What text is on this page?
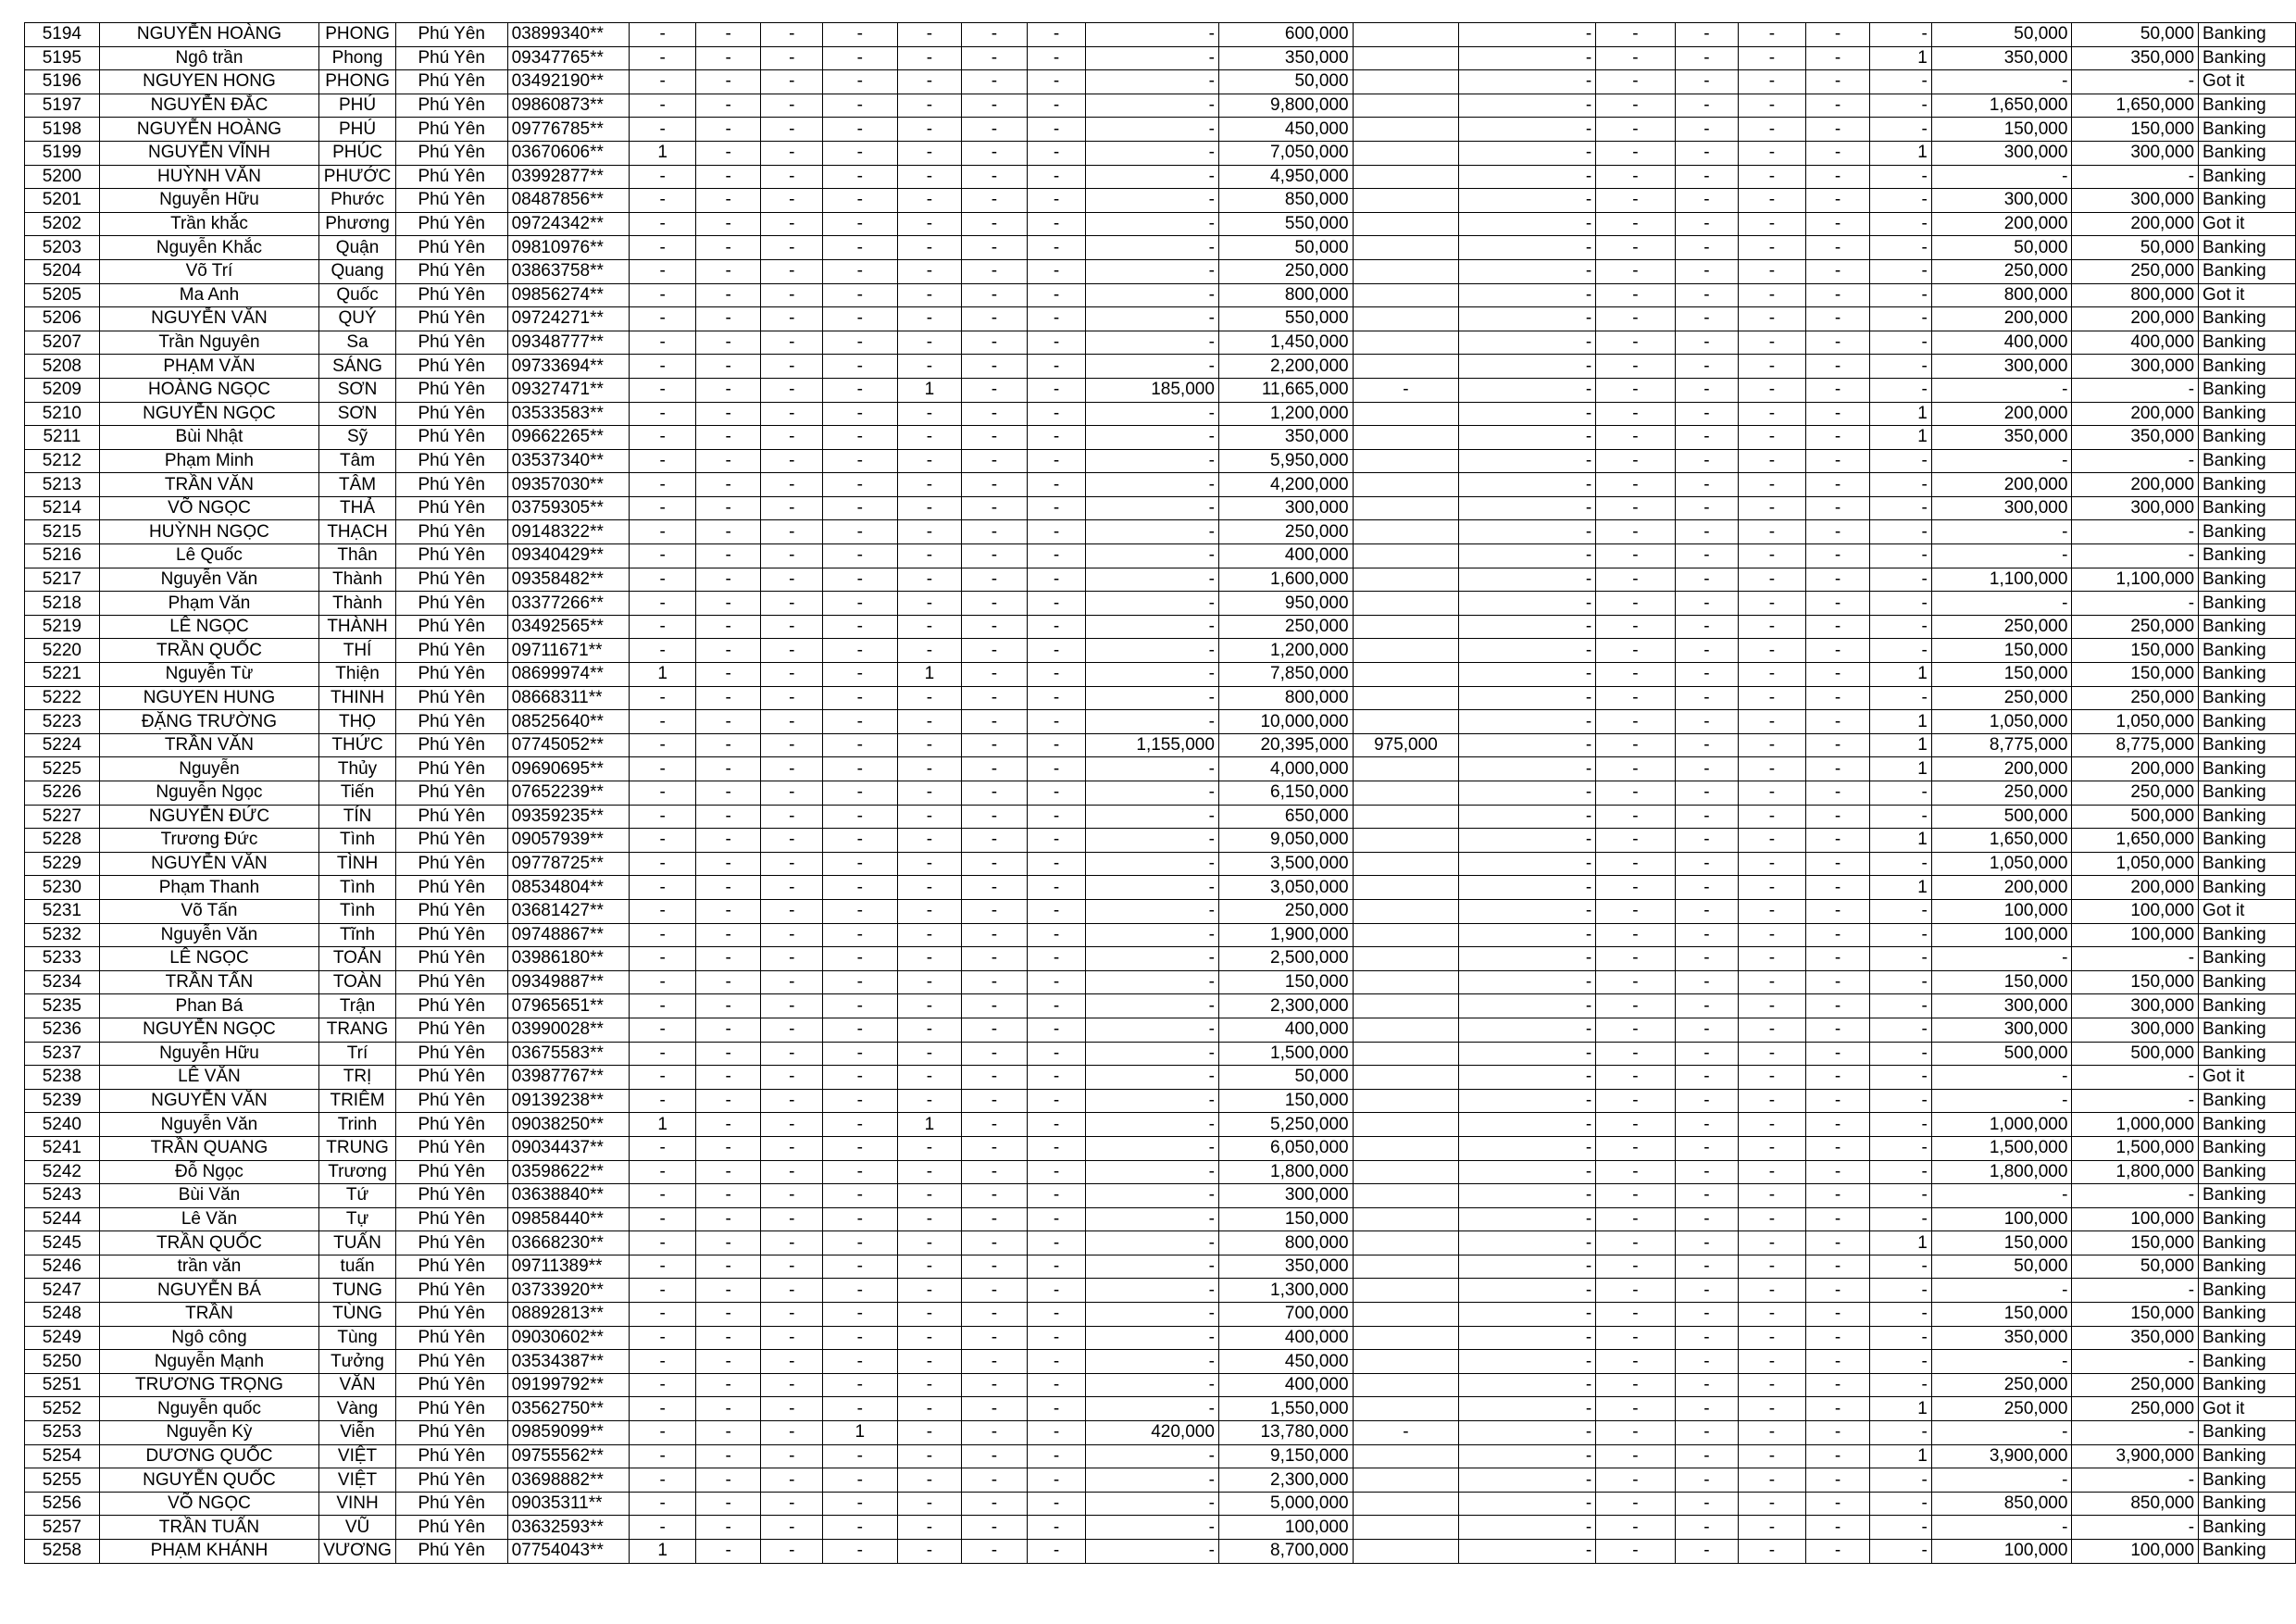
5194	NGUYỄN HOÀNG	PHONG	Phú Yên	03899340**	-	-	-	-	-	-	-	-	600,000		-	-	-	-	-	-	50,000	50,000	Banking
5195	Ngô trần	Phong	Phú Yên	09347765**	-	-	-	-	-	-	-	-	350,000		-	-	-	-	-	1	350,000	350,000	Banking
5196	NGUYEN HONG	PHONG	Phú Yên	03492190**	-	-	-	-	-	-	-	-	50,000		-	-	-	-	-	-	-	-	Got it
5197	NGUYỄN ĐẮC	PHÚ	Phú Yên	09860873**	-	-	-	-	-	-	-	-	9,800,000		-	-	-	-	-	-	1,650,000	1,650,000	Banking
5198	NGUYỄN HOÀNG	PHÚ	Phú Yên	09776785**	-	-	-	-	-	-	-	-	450,000		-	-	-	-	-	-	150,000	150,000	Banking
5199	NGUYỄN VĨNH	PHÚC	Phú Yên	03670606**	1	-	-	-	-	-	-	-	7,050,000		-	-	-	-	-	1	300,000	300,000	Banking
5200	HUỲNH VĂN	PHƯỚC	Phú Yên	03992877**	-	-	-	-	-	-	-	-	4,950,000		-	-	-	-	-	-	-	-	Banking
5201	Nguyễn Hữu	Phước	Phú Yên	08487856**	-	-	-	-	-	-	-	-	850,000		-	-	-	-	-	-	300,000	300,000	Banking
5202	Trần khắc	Phương	Phú Yên	09724342**	-	-	-	-	-	-	-	-	550,000		-	-	-	-	-	-	200,000	200,000	Got it
5203	Nguyễn Khắc	Quận	Phú Yên	09810976**	-	-	-	-	-	-	-	-	50,000		-	-	-	-	-	-	50,000	50,000	Banking
5204	Võ Trí	Quang	Phú Yên	03863758**	-	-	-	-	-	-	-	-	250,000		-	-	-	-	-	-	250,000	250,000	Banking
5205	Ma Anh	Quốc	Phú Yên	09856274**	-	-	-	-	-	-	-	-	800,000		-	-	-	-	-	-	800,000	800,000	Got it
5206	NGUYỄN VĂN	QUÝ	Phú Yên	09724271**	-	-	-	-	-	-	-	-	550,000		-	-	-	-	-	-	200,000	200,000	Banking
5207	Trần Nguyên	Sa	Phú Yên	09348777**	-	-	-	-	-	-	-	-	1,450,000		-	-	-	-	-	-	400,000	400,000	Banking
5208	PHẠM VĂN	SÁNG	Phú Yên	09733694**	-	-	-	-	-	-	-	-	2,200,000		-	-	-	-	-	-	300,000	300,000	Banking
5209	HOÀNG NGỌC	SƠN	Phú Yên	09327471**	-	-	-	-	1	-	-	185,000	11,665,000	-	-	-	-	-	-	-	-	-	Banking
5210	NGUYỄN NGỌC	SƠN	Phú Yên	03533583**	-	-	-	-	-	-	-	-	1,200,000		-	-	-	-	-	1	200,000	200,000	Banking
5211	Bùi Nhật	Sỹ	Phú Yên	09662265**	-	-	-	-	-	-	-	-	350,000		-	-	-	-	-	1	350,000	350,000	Banking
5212	Phạm Minh	Tâm	Phú Yên	03537340**	-	-	-	-	-	-	-	-	5,950,000		-	-	-	-	-	-	-	-	Banking
5213	TRẦN VĂN	TÂM	Phú Yên	09357030**	-	-	-	-	-	-	-	-	4,200,000		-	-	-	-	-	-	200,000	200,000	Banking
5214	VÕ NGỌC	THẢ	Phú Yên	03759305**	-	-	-	-	-	-	-	-	300,000		-	-	-	-	-	-	300,000	300,000	Banking
5215	HUỲNH NGỌC	THẠCH	Phú Yên	09148322**	-	-	-	-	-	-	-	-	250,000		-	-	-	-	-	-	-	-	Banking
5216	Lê Quốc	Thân	Phú Yên	09340429**	-	-	-	-	-	-	-	-	400,000		-	-	-	-	-	-	-	-	Banking
5217	Nguyễn Văn	Thành	Phú Yên	09358482**	-	-	-	-	-	-	-	-	1,600,000		-	-	-	-	-	-	1,100,000	1,100,000	Banking
5218	Phạm Văn	Thành	Phú Yên	03377266**	-	-	-	-	-	-	-	-	950,000		-	-	-	-	-	-	-	-	Banking
5219	LÊ NGỌC	THÀNH	Phú Yên	03492565**	-	-	-	-	-	-	-	-	250,000		-	-	-	-	-	-	250,000	250,000	Banking
5220	TRẦN QUỐC	THÍ	Phú Yên	09711671**	-	-	-	-	-	-	-	-	1,200,000		-	-	-	-	-	-	150,000	150,000	Banking
5221	Nguyễn Từ	Thiện	Phú Yên	08699974**	1	-	-	-	1	-	-	-	7,850,000		-	-	-	-	-	1	150,000	150,000	Banking
5222	NGUYEN HUNG	THINH	Phú Yên	08668311**	-	-	-	-	-	-	-	-	800,000		-	-	-	-	-	-	250,000	250,000	Banking
5223	ĐẶNG TRƯỜNG	THỌ	Phú Yên	08525640**	-	-	-	-	-	-	-	-	10,000,000		-	-	-	-	-	1	1,050,000	1,050,000	Banking
5224	TRẦN VĂN	THỨC	Phú Yên	07745052**	-	-	-	-	-	-	-	1,155,000	20,395,000	975,000	-	-	-	-	-	1	8,775,000	8,775,000	Banking
5225	Nguyễn	Thủy	Phú Yên	09690695**	-	-	-	-	-	-	-	-	4,000,000		-	-	-	-	-	1	200,000	200,000	Banking
5226	Nguyễn Ngọc	Tiến	Phú Yên	07652239**	-	-	-	-	-	-	-	-	6,150,000		-	-	-	-	-	-	250,000	250,000	Banking
5227	NGUYỄN ĐỨC	TÍN	Phú Yên	09359235**	-	-	-	-	-	-	-	-	650,000		-	-	-	-	-	-	500,000	500,000	Banking
5228	Trương Đức	Tình	Phú Yên	09057939**	-	-	-	-	-	-	-	-	9,050,000		-	-	-	-	-	1	1,650,000	1,650,000	Banking
5229	NGUYỄN VĂN	TÌNH	Phú Yên	09778725**	-	-	-	-	-	-	-	-	3,500,000		-	-	-	-	-	-	1,050,000	1,050,000	Banking
5230	Phạm Thanh	Tình	Phú Yên	08534804**	-	-	-	-	-	-	-	-	3,050,000		-	-	-	-	-	1	200,000	200,000	Banking
5231	Võ Tấn	Tình	Phú Yên	03681427**	-	-	-	-	-	-	-	-	250,000		-	-	-	-	-	-	100,000	100,000	Got it
5232	Nguyễn Văn	Tĩnh	Phú Yên	09748867**	-	-	-	-	-	-	-	-	1,900,000		-	-	-	-	-	-	100,000	100,000	Banking
5233	LÊ NGỌC	TOẢN	Phú Yên	03986180**	-	-	-	-	-	-	-	-	2,500,000		-	-	-	-	-	-	-	-	Banking
5234	TRẦN TẤN	TOÀN	Phú Yên	09349887**	-	-	-	-	-	-	-	-	150,000		-	-	-	-	-	-	150,000	150,000	Banking
5235	Phan Bá	Trận	Phú Yên	07965651**	-	-	-	-	-	-	-	-	2,300,000		-	-	-	-	-	-	300,000	300,000	Banking
5236	NGUYỄN NGỌC	TRANG	Phú Yên	03990028**	-	-	-	-	-	-	-	-	400,000		-	-	-	-	-	-	300,000	300,000	Banking
5237	Nguyễn Hữu	Trí	Phú Yên	03675583**	-	-	-	-	-	-	-	-	1,500,000		-	-	-	-	-	-	500,000	500,000	Banking
5238	LÊ VĂN	TRỊ	Phú Yên	03987767**	-	-	-	-	-	-	-	-	50,000		-	-	-	-	-	-	-	-	Got it
5239	NGUYỄN VĂN	TRIÊM	Phú Yên	09139238**	-	-	-	-	-	-	-	-	150,000		-	-	-	-	-	-	-	-	Banking
5240	Nguyễn Văn	Trinh	Phú Yên	09038250**	1	-	-	-	1	-	-	-	5,250,000		-	-	-	-	-	-	1,000,000	1,000,000	Banking
5241	TRẦN QUANG	TRUNG	Phú Yên	09034437**	-	-	-	-	-	-	-	-	6,050,000		-	-	-	-	-	-	1,500,000	1,500,000	Banking
5242	Đỗ Ngọc	Trương	Phú Yên	03598622**	-	-	-	-	-	-	-	-	1,800,000		-	-	-	-	-	-	1,800,000	1,800,000	Banking
5243	Bùi Văn	Tứ	Phú Yên	03638840**	-	-	-	-	-	-	-	-	300,000		-	-	-	-	-	-	-	-	Banking
5244	Lê Văn	Tự	Phú Yên	09858440**	-	-	-	-	-	-	-	-	150,000		-	-	-	-	-	-	100,000	100,000	Banking
5245	TRẦN QUỐC	TUẤN	Phú Yên	03668230**	-	-	-	-	-	-	-	-	800,000		-	-	-	-	-	1	150,000	150,000	Banking
5246	trần văn	tuấn	Phú Yên	09711389**	-	-	-	-	-	-	-	-	350,000		-	-	-	-	-	-	50,000	50,000	Banking
5247	NGUYỄN BÁ	TUNG	Phú Yên	03733920**	-	-	-	-	-	-	-	-	1,300,000		-	-	-	-	-	-	-	-	Banking
5248	TRẦN	TÙNG	Phú Yên	08892813**	-	-	-	-	-	-	-	-	700,000		-	-	-	-	-	-	150,000	150,000	Banking
5249	Ngô công	Tùng	Phú Yên	09030602**	-	-	-	-	-	-	-	-	400,000		-	-	-	-	-	-	350,000	350,000	Banking
5250	Nguyễn Mạnh	Tưởng	Phú Yên	03534387**	-	-	-	-	-	-	-	-	450,000		-	-	-	-	-	-	-	-	Banking
5251	TRƯƠNG TRỌNG	VĂN	Phú Yên	09199792**	-	-	-	-	-	-	-	-	400,000		-	-	-	-	-	-	250,000	250,000	Banking
5252	Nguyễn quốc	Vàng	Phú Yên	03562750**	-	-	-	-	-	-	-	-	1,550,000		-	-	-	-	-	1	250,000	250,000	Got it
5253	Nguyễn Kỳ	Viễn	Phú Yên	09859099**	-	-	-	1	-	-	-	420,000	13,780,000	-	-	-	-	-	-	-	-	-	Banking
5254	DƯƠNG QUỐC	VIỆT	Phú Yên	09755562**	-	-	-	-	-	-	-	-	9,150,000		-	-	-	-	-	1	3,900,000	3,900,000	Banking
5255	NGUYỄN QUỐC	VIỆT	Phú Yên	03698882**	-	-	-	-	-	-	-	-	2,300,000		-	-	-	-	-	-	-	-	Banking
5256	VÕ NGỌC	VINH	Phú Yên	09035311**	-	-	-	-	-	-	-	-	5,000,000		-	-	-	-	-	-	850,000	850,000	Banking
5257	TRẦN TUẤN	VŨ	Phú Yên	03632593**	-	-	-	-	-	-	-	-	100,000		-	-	-	-	-	-	-	-	Banking
5258	PHẠM KHÁNH	VƯƠNG	Phú Yên	07754043**	1	-	-	-	-	-	-	-	8,700,000		-	-	-	-	-	-	100,000	100,000	Banking
